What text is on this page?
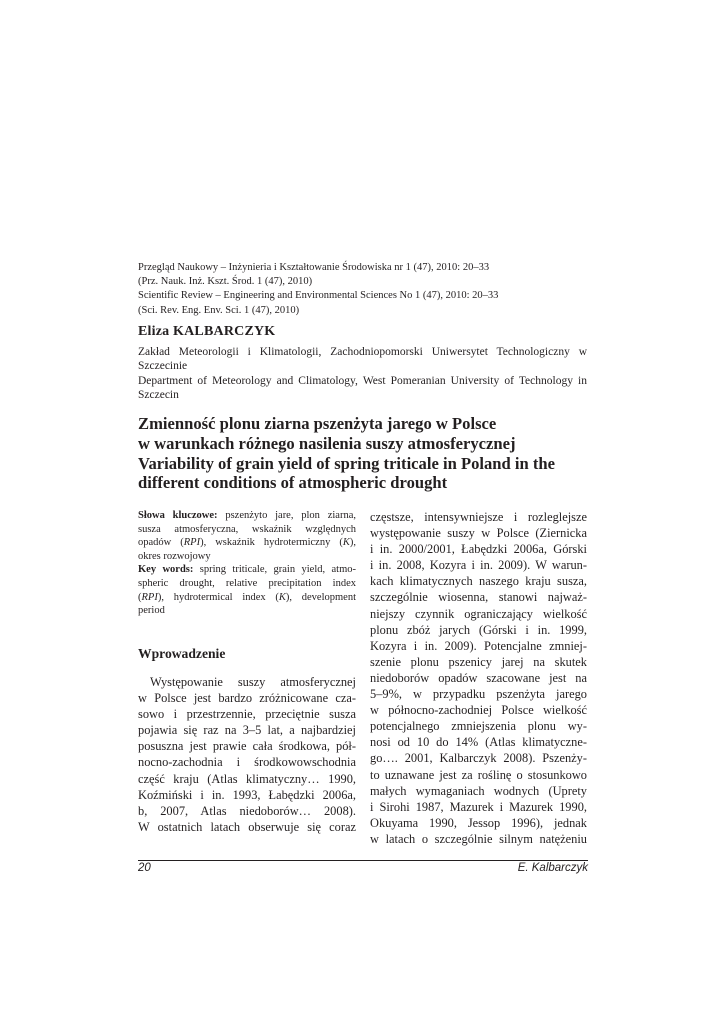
Przegląd Naukowy – Inżynieria i Kształtowanie Środowiska nr 1 (47), 2010: 20–33
(Prz. Nauk. Inż. Kszt. Środ. 1 (47), 2010)
Scientific Review – Engineering and Environmental Sciences No 1 (47), 2010: 20–33
(Sci. Rev. Eng. Env. Sci. 1 (47), 2010)
Eliza KALBARCZYK

Zakład Meteorologii i Klimatologii, Zachodniopomorski Uniwersytet Technologiczny w Szczecinie

Department of Meteorology and Climatology, West Pomeranian University of Technology in Szczecin

Zmienność plonu ziarna pszenżyta jarego w Polsce
w warunkach różnego nasilenia suszy atmosferycznej
Variability of grain yield of spring triticale in Poland in the
different conditions of atmospheric drought
Słowa kluczowe: pszenżyto jare, plon ziarna,
susza atmosferyczna, wskaźnik względnych
opadów (RPI), wskaźnik hydrotermiczny (K),
okres rozwojowy
Key words: spring triticale, grain yield, atmo-
spheric drought, relative precipitation index
(RPI), hydrotermical index (K), development
period
Wprowadzenie
Występowanie suszy atmosferycznej
w Polsce jest bardzo zróżnicowane cza-
sowo i przestrzennie, przeciętnie susza
pojawia się raz na 3–5 lat, a najbardziej
posuszna jest prawie cała środkowa, pół-
nocno-zachodnia i środkowowschodnia
część kraju (Atlas klimatyczny… 1990,
Koźmiński i in. 1993, Łabędzki 2006a,
b, 2007, Atlas niedoborów… 2008).
W ostatnich latach obserwuje się coraz
częstsze, intensywniejsze i rozleglejsze
występowanie suszy w Polsce (Ziernicka
i in. 2000/2001, Łabędzki 2006a, Górski
i in. 2008, Kozyra i in. 2009). W warun-
kach klimatycznych naszego kraju susza,
szczególnie wiosenna, stanowi najważ-
niejszy czynnik ograniczający wielkość
plonu zbóż jarych (Górski i in. 1999,
Kozyra i in. 2009). Potencjalne zmniej-
szenie plonu pszenicy jarej na skutek
niedoborów opadów szacowane jest na
5–9%, w przypadku pszenżyta jarego
w północno-zachodniej Polsce wielkość
potencjalnego zmniejszenia plonu wy-
nosi od 10 do 14% (Atlas klimatyczne-
go…. 2001, Kalbarczyk 2008). Pszenży-
to uznawane jest za roślinę o stosunkowo
małych wymaganiach wodnych (Uprety
i Sirohi 1987, Mazurek i Mazurek 1990,
Okuyama 1990, Jessop 1996), jednak
w latach o szczególnie silnym natężeniu
20	E. Kalbarczyk
